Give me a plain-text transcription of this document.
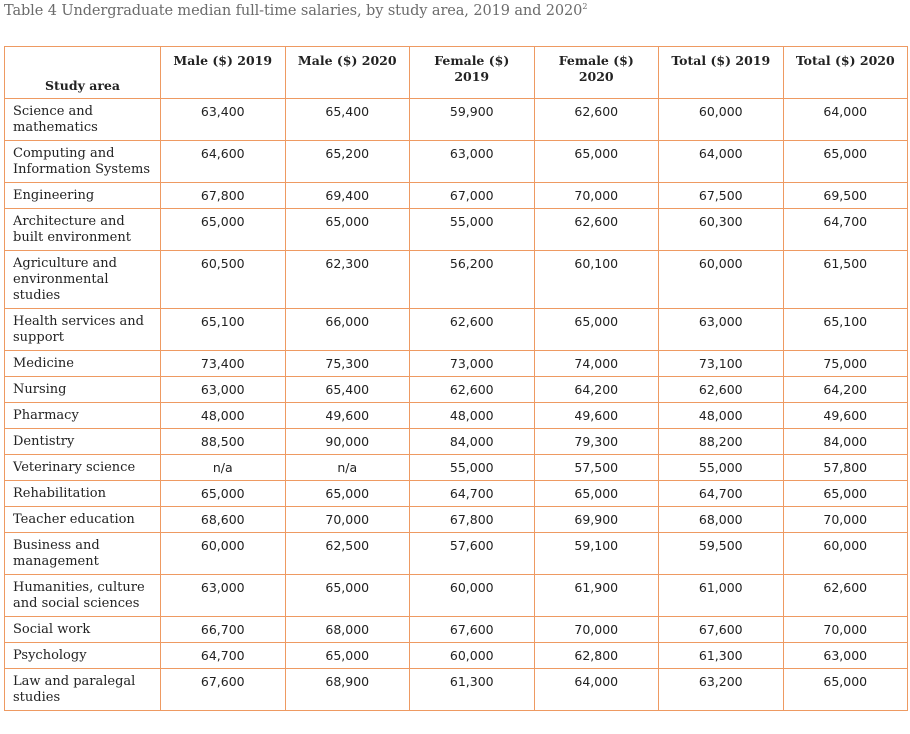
Table 4 Undergraduate median full-time salaries, by study area, 2019 and 2020$^2$
Study area	Male ($) 2019	Male ($) 2020	Female ($) 2019	Female ($) 2020	Total ($) 2019	Total ($) 2020
Science and mathematics	63,400	65,400	59,900	62,600	60,000	64,000
Computing and Information Systems	64,600	65,200	63,000	65,000	64,000	65,000
Engineering	67,800	69,400	67,000	70,000	67,500	69,500
Architecture and built environment	65,000	65,000	55,000	62,600	60,300	64,700
Agriculture and environmental studies	60,500	62,300	56,200	60,100	60,000	61,500
Health services and support	65,100	66,000	62,600	65,000	63,000	65,100
Medicine	73,400	75,300	73,000	74,000	73,100	75,000
Nursing	63,000	65,400	62,600	64,200	62,600	64,200
Pharmacy	48,000	49,600	48,000	49,600	48,000	49,600
Dentistry	88,500	90,000	84,000	79,300	88,200	84,000
Veterinary science	n/a	n/a	55,000	57,500	55,000	57,800
Rehabilitation	65,000	65,000	64,700	65,000	64,700	65,000
Teacher education	68,600	70,000	67,800	69,900	68,000	70,000
Business and management	60,000	62,500	57,600	59,100	59,500	60,000
Humanities, culture and social sciences	63,000	65,000	60,000	61,900	61,000	62,600
Social work	66,700	68,000	67,600	70,000	67,600	70,000
Psychology	64,700	65,000	60,000	62,800	61,300	63,000
Law and paralegal studies	67,600	68,900	61,300	64,000	63,200	65,000
